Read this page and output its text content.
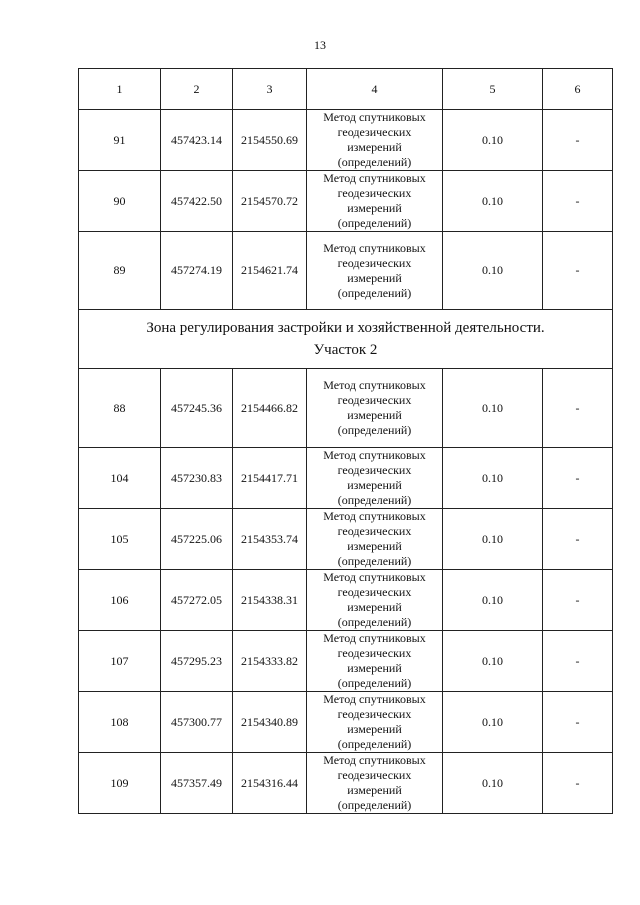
13
1	2	3	4	5	6
91	457423.14	2154550.69	Метод спутниковых
геодезических
измерений
(определений)	0.10	-
90	457422.50	2154570.72	Метод спутниковых
геодезических
измерений
(определений)	0.10	-
89	457274.19	2154621.74	Метод спутниковых
геодезических
измерений
(определений)	0.10	-

Зона регулирования застройки и хозяйственной деятельности.
Участок 2					

88	457245.36	2154466.82	Метод спутниковых
геодезических
измерений
(определений)	0.10	-
104	457230.83	2154417.71	Метод спутниковых
геодезических
измерений
(определений)	0.10	-
105	457225.06	2154353.74	Метод спутниковых
геодезических
измерений
(определений)	0.10	-
106	457272.05	2154338.31	Метод спутниковых
геодезических
измерений
(определений)	0.10	-
107	457295.23	2154333.82	Метод спутниковых
геодезических
измерений
(определений)	0.10	-
108	457300.77	2154340.89	Метод спутниковых
геодезических
измерений
(определений)	0.10	-
109	457357.49	2154316.44	Метод спутниковых
геодезических
измерений
(определений)	0.10	-
